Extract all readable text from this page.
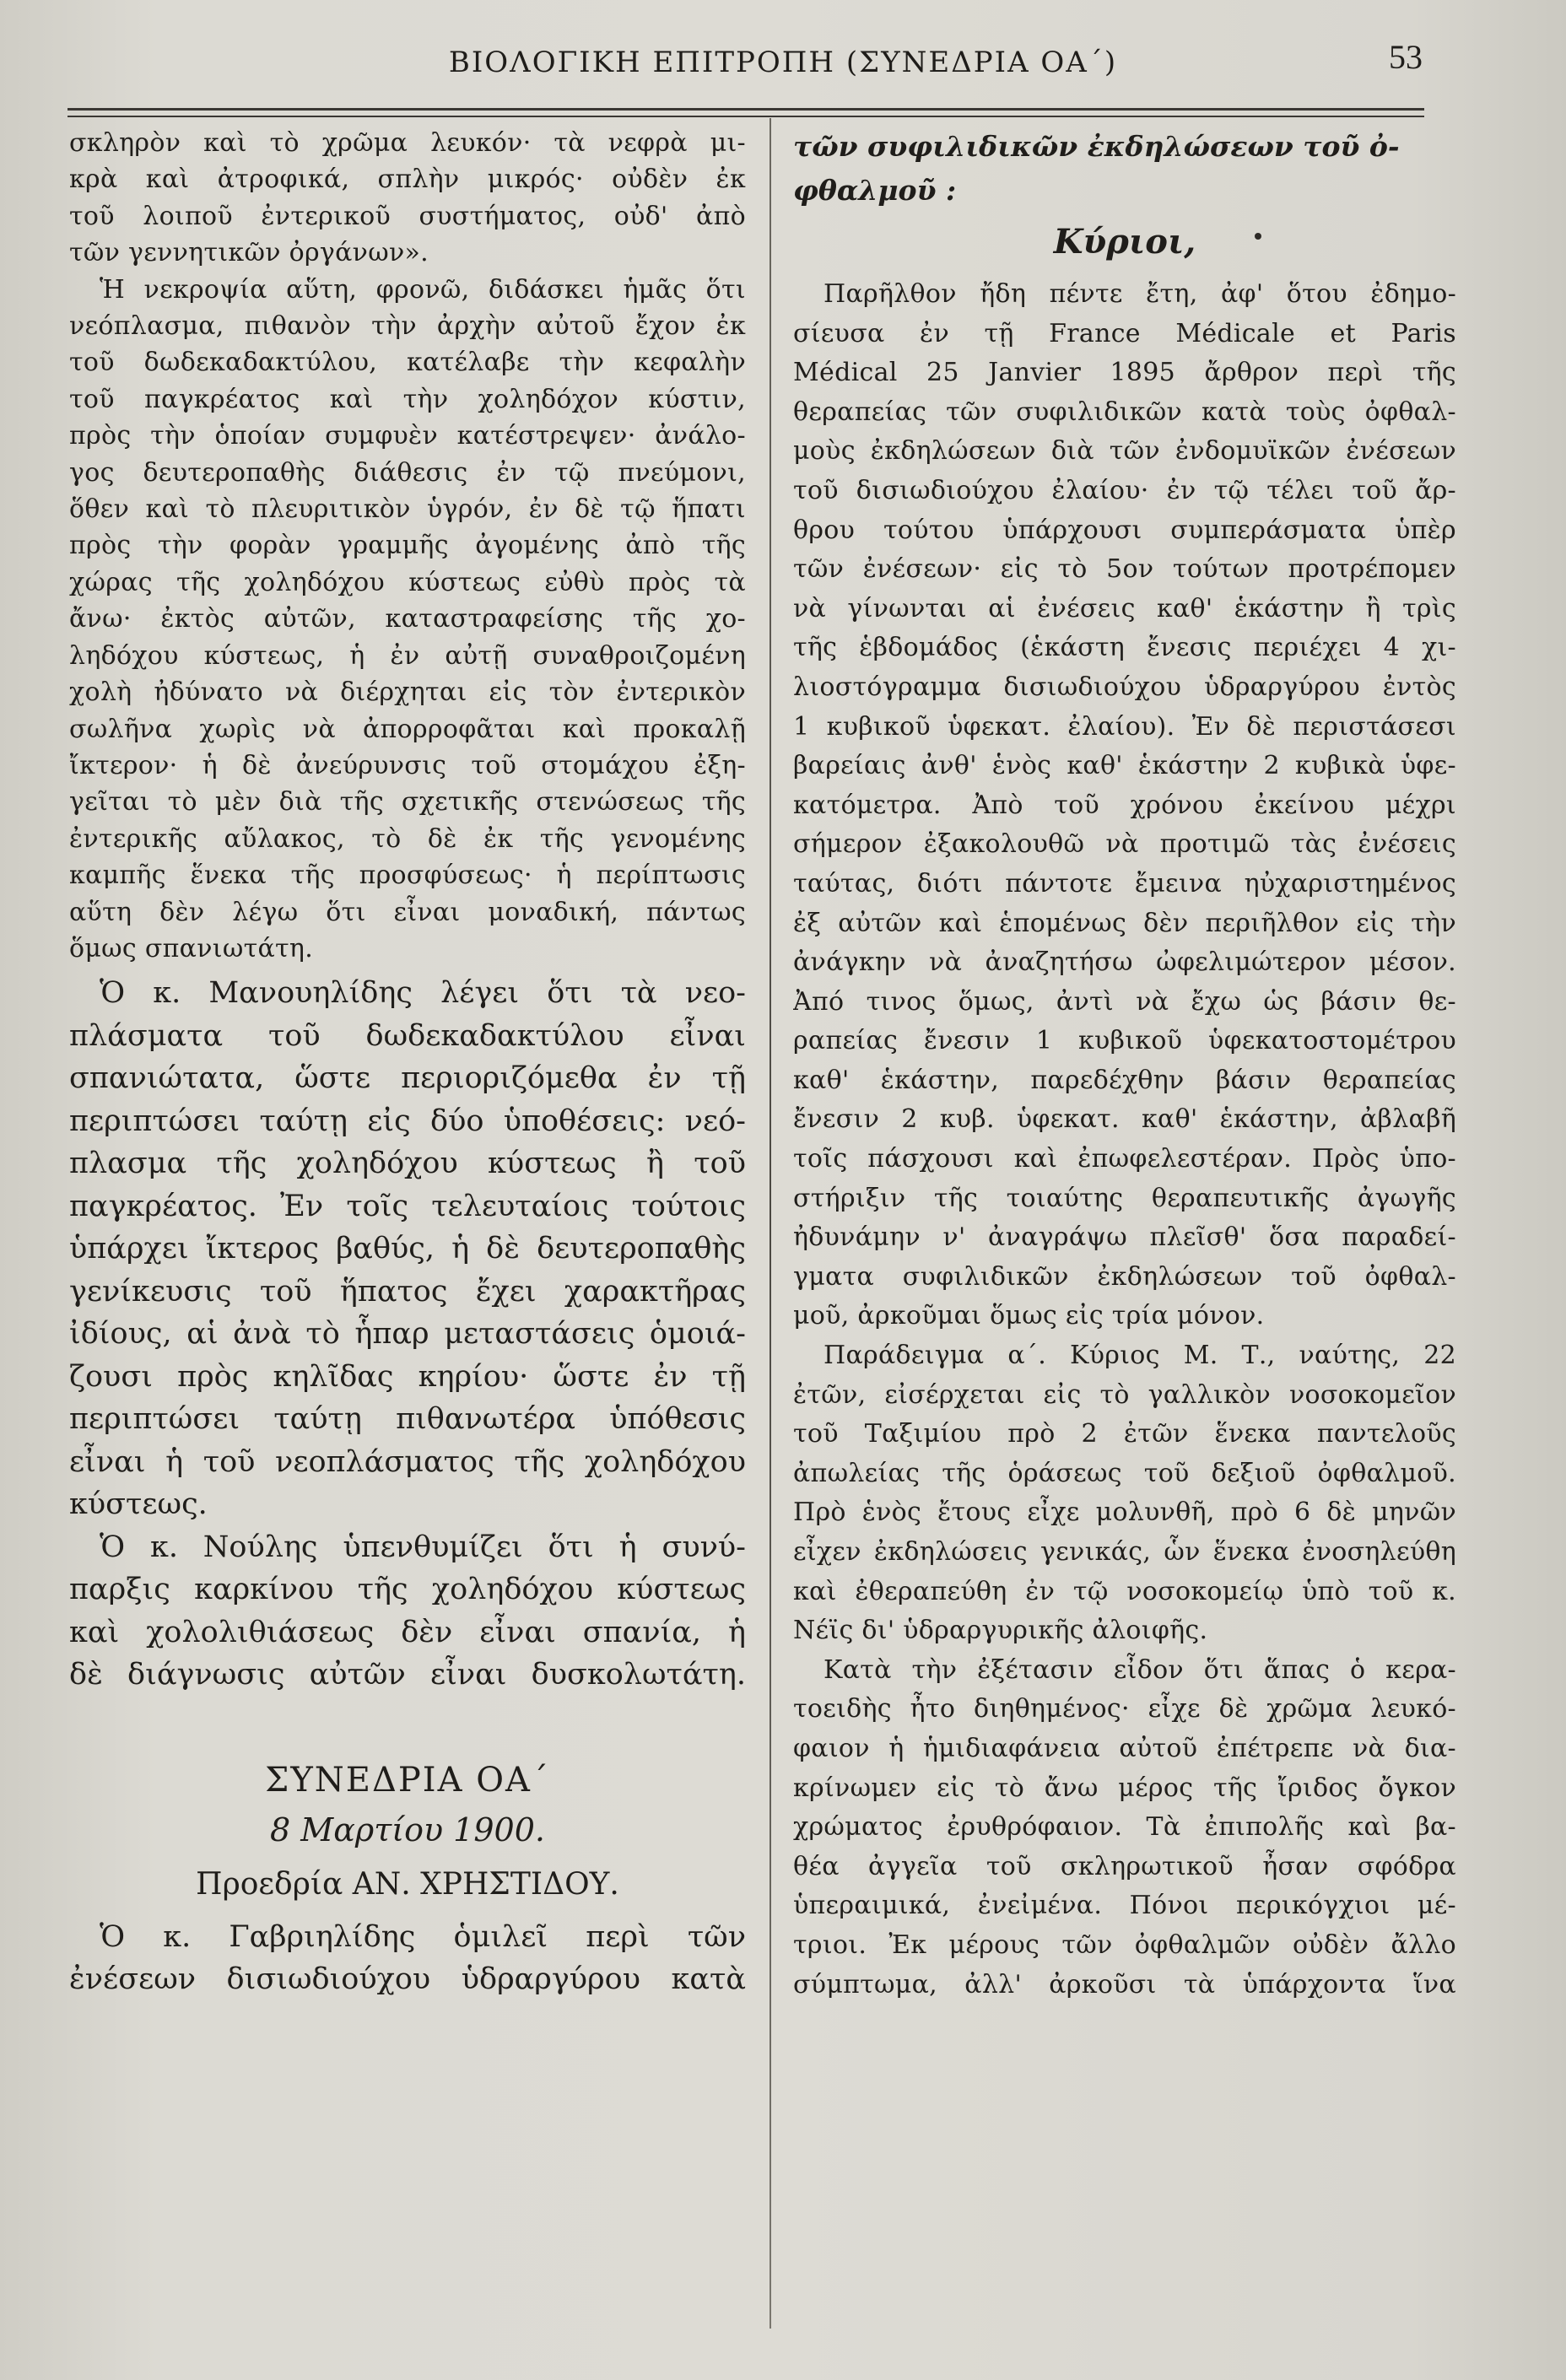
ΒΙΟΛΟΓΙΚΗ ΕΠΙΤΡΟΠΗ (ΣΥΝΕΔΡΙΑ ΟΑ΄)	53
σκληρὸν καὶ τὸ χρῶμα λευκόν· τὰ νεφρὰ μι-
κρὰ καὶ ἀτροφικά, σπλὴν μικρός· οὐδὲν ἐκ
τοῦ λοιποῦ ἐντερικοῦ συστήματος, οὐδ' ἀπὸ
τῶν γεννητικῶν ὀργάνων».
Ἡ νεκροψία αὕτη, φρονῶ, διδάσκει ἡμᾶς ὅτι
νεόπλασμα, πιθανὸν τὴν ἀρχὴν αὐτοῦ ἔχον ἐκ
τοῦ δωδεκαδακτύλου, κατέλαβε τὴν κεφαλὴν
τοῦ παγκρέατος καὶ τὴν χοληδόχον κύστιν,
πρὸς τὴν ὁποίαν συμφυὲν κατέστρεψεν· ἀνάλο-
γος δευτεροπαθὴς διάθεσις ἐν τῷ πνεύμονι,
ὅθεν καὶ τὸ πλευριτικὸν ὑγρόν, ἐν δὲ τῷ ἥπατι
πρὸς τὴν φορὰν γραμμῆς ἀγομένης ἀπὸ τῆς
χώρας τῆς χοληδόχου κύστεως εὐθὺ πρὸς τὰ
ἄνω· ἐκτὸς αὐτῶν, καταστραφείσης τῆς χο-
ληδόχου κύστεως, ἡ ἐν αὐτῇ συναθροιζομένη
χολὴ ἠδύνατο νὰ διέρχηται εἰς τὸν ἐντερικὸν
σωλῆνα χωρὶς νὰ ἀπορροφᾶται καὶ προκαλῇ
ἴκτερον· ἡ δὲ ἀνεύρυνσις τοῦ στομάχου ἐξη-
γεῖται τὸ μὲν διὰ τῆς σχετικῆς στενώσεως τῆς
ἐντερικῆς αὔλακος, τὸ δὲ ἐκ τῆς γενομένης
καμπῆς ἕνεκα τῆς προσφύσεως· ἡ περίπτωσις
αὕτη δὲν λέγω ὅτι εἶναι μοναδική, πάντως
ὅμως σπανιωτάτη.
Ὁ κ. Μανουηλίδης λέγει ὅτι τὰ νεο-
πλάσματα τοῦ δωδεκαδακτύλου εἶναι
σπανιώτατα, ὥστε περιοριζόμεθα ἐν τῇ
περιπτώσει ταύτῃ εἰς δύο ὑποθέσεις: νεό-
πλασμα τῆς χοληδόχου κύστεως ἢ τοῦ
παγκρέατος. Ἐν τοῖς τελευταίοις τούτοις
ὑπάρχει ἴκτερος βαθύς, ἡ δὲ δευτεροπαθὴς
γενίκευσις τοῦ ἥπατος ἔχει χαρακτῆρας
ἰδίους, αἱ ἀνὰ τὸ ἧπαρ μεταστάσεις ὁμοιά-
ζουσι πρὸς κηλῖδας κηρίου· ὥστε ἐν τῇ
περιπτώσει ταύτῃ πιθανωτέρα ὑπόθεσις
εἶναι ἡ τοῦ νεοπλάσματος τῆς χοληδόχου
κύστεως.
Ὁ κ. Νούλης ὑπενθυμίζει ὅτι ἡ συνύ-
παρξις καρκίνου τῆς χοληδόχου κύστεως
καὶ χολολιθιάσεως δὲν εἶναι σπανία, ἡ
δὲ διάγνωσις αὐτῶν εἶναι δυσκολωτάτη.
ΣΥΝΕΔΡΙΑ ΟΑ΄
8 Μαρτίου 1900.
Προεδρία ΑΝ. ΧΡΗΣΤΙΔΟΥ.
Ὁ κ. Γαβριηλίδης ὁμιλεῖ περὶ τῶν
ἐνέσεων δισιωδιούχου ὑδραργύρου κατὰ
τῶν συφιλιδικῶν ἐκδηλώσεων τοῦ ὀ-
φθαλμοῦ :
Κύριοι,
Παρῆλθον ἤδη πέντε ἔτη, ἀφ' ὅτου ἐδημο-
σίευσα ἐν τῇ France Médicale et Paris
Médical 25 Janvier 1895 ἄρθρον περὶ τῆς
θεραπείας τῶν συφιλιδικῶν κατὰ τοὺς ὀφθαλ-
μοὺς ἐκδηλώσεων διὰ τῶν ἐνδομυϊκῶν ἐνέσεων
τοῦ δισιωδιούχου ἐλαίου· ἐν τῷ τέλει τοῦ ἄρ-
θρου τούτου ὑπάρχουσι συμπεράσματα ὑπὲρ
τῶν ἐνέσεων· εἰς τὸ 5ον τούτων προτρέπομεν
νὰ γίνωνται αἱ ἐνέσεις καθ' ἑκάστην ἢ τρὶς
τῆς ἑβδομάδος (ἑκάστη ἔνεσις περιέχει 4 χι-
λιοστόγραμμα δισιωδιούχου ὑδραργύρου ἐντὸς
1 κυβικοῦ ὑφεκατ. ἐλαίου). Ἐν δὲ περιστάσεσι
βαρείαις ἀνθ' ἑνὸς καθ' ἑκάστην 2 κυβικὰ ὑφε-
κατόμετρα. Ἀπὸ τοῦ χρόνου ἐκείνου μέχρι
σήμερον ἐξακολουθῶ νὰ προτιμῶ τὰς ἐνέσεις
ταύτας, διότι πάντοτε ἔμεινα ηὐχαριστημένος
ἐξ αὐτῶν καὶ ἑπομένως δὲν περιῆλθον εἰς τὴν
ἀνάγκην νὰ ἀναζητήσω ὠφελιμώτερον μέσον.
Ἀπό τινος ὅμως, ἀντὶ νὰ ἔχω ὡς βάσιν θε-
ραπείας ἔνεσιν 1 κυβικοῦ ὑφεκατοστομέτρου
καθ' ἑκάστην, παρεδέχθην βάσιν θεραπείας
ἔνεσιν 2 κυβ. ὑφεκατ. καθ' ἑκάστην, ἀβλαβῆ
τοῖς πάσχουσι καὶ ἐπωφελεστέραν. Πρὸς ὑπο-
στήριξιν τῆς τοιαύτης θεραπευτικῆς ἀγωγῆς
ἠδυνάμην ν' ἀναγράψω πλεῖσθ' ὅσα παραδεί-
γματα συφιλιδικῶν ἐκδηλώσεων τοῦ ὀφθαλ-
μοῦ, ἀρκοῦμαι ὅμως εἰς τρία μόνον.
Παράδειγμα α΄. Κύριος Μ. Τ., ναύτης, 22
ἐτῶν, εἰσέρχεται εἰς τὸ γαλλικὸν νοσοκομεῖον
τοῦ Ταξιμίου πρὸ 2 ἐτῶν ἕνεκα παντελοῦς
ἀπωλείας τῆς ὁράσεως τοῦ δεξιοῦ ὀφθαλμοῦ.
Πρὸ ἑνὸς ἔτους εἶχε μολυνθῆ, πρὸ 6 δὲ μηνῶν
εἶχεν ἐκδηλώσεις γενικάς, ὧν ἕνεκα ἐνοσηλεύθη
καὶ ἐθεραπεύθη ἐν τῷ νοσοκομείῳ ὑπὸ τοῦ κ.
Νέϊς δι' ὑδραργυρικῆς ἀλοιφῆς.
Κατὰ τὴν ἐξέτασιν εἶδον ὅτι ἅπας ὁ κερα-
τοειδὴς ἦτο διηθημένος· εἶχε δὲ χρῶμα λευκό-
φαιον ἡ ἡμιδιαφάνεια αὐτοῦ ἐπέτρεπε νὰ δια-
κρίνωμεν εἰς τὸ ἄνω μέρος τῆς ἴριδος ὄγκον
χρώματος ἐρυθρόφαιον. Τὰ ἐπιπολῆς καὶ βα-
θέα ἀγγεῖα τοῦ σκληρωτικοῦ ἦσαν σφόδρα
ὑπεραιμικά, ἐνεἰμένα. Πόνοι περικόγχιοι μέ-
τριοι. Ἐκ μέρους τῶν ὀφθαλμῶν οὐδὲν ἄλλο
σύμπτωμα, ἀλλ' ἀρκοῦσι τὰ ὑπάρχοντα ἵνα
